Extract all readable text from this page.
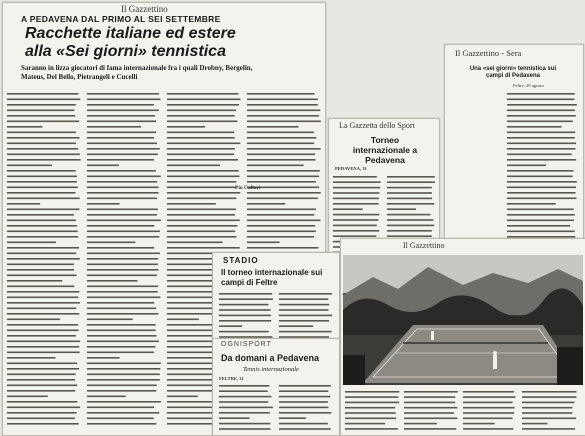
Il Gazzettino
A PEDAVENA DAL PRIMO AL SEI SETTEMBRE
Racchette italiane ed estere
alla «Sei giorni» tennistica
Saranno in lizza giocatori di fama internazionale fra i quali Drobny, Bergelin, Mateus, Del Bello, Pietrangeli e Cucelli
Pio Callari
La Gazzetta dello Sport
Torneo internazionale a Pedavena
PEDAVENA, 31
Il Gazzettino - Sera
Una «sei giorni» tennistica sui campi di Pedavena
Feltre, 29 agosto
STADIO
Il torneo internazionale sui campi di Feltre
OGNISPORT
Da domani a Pedavena
Tennis internazionale
FELTRE, 31
Il Gazzettino
